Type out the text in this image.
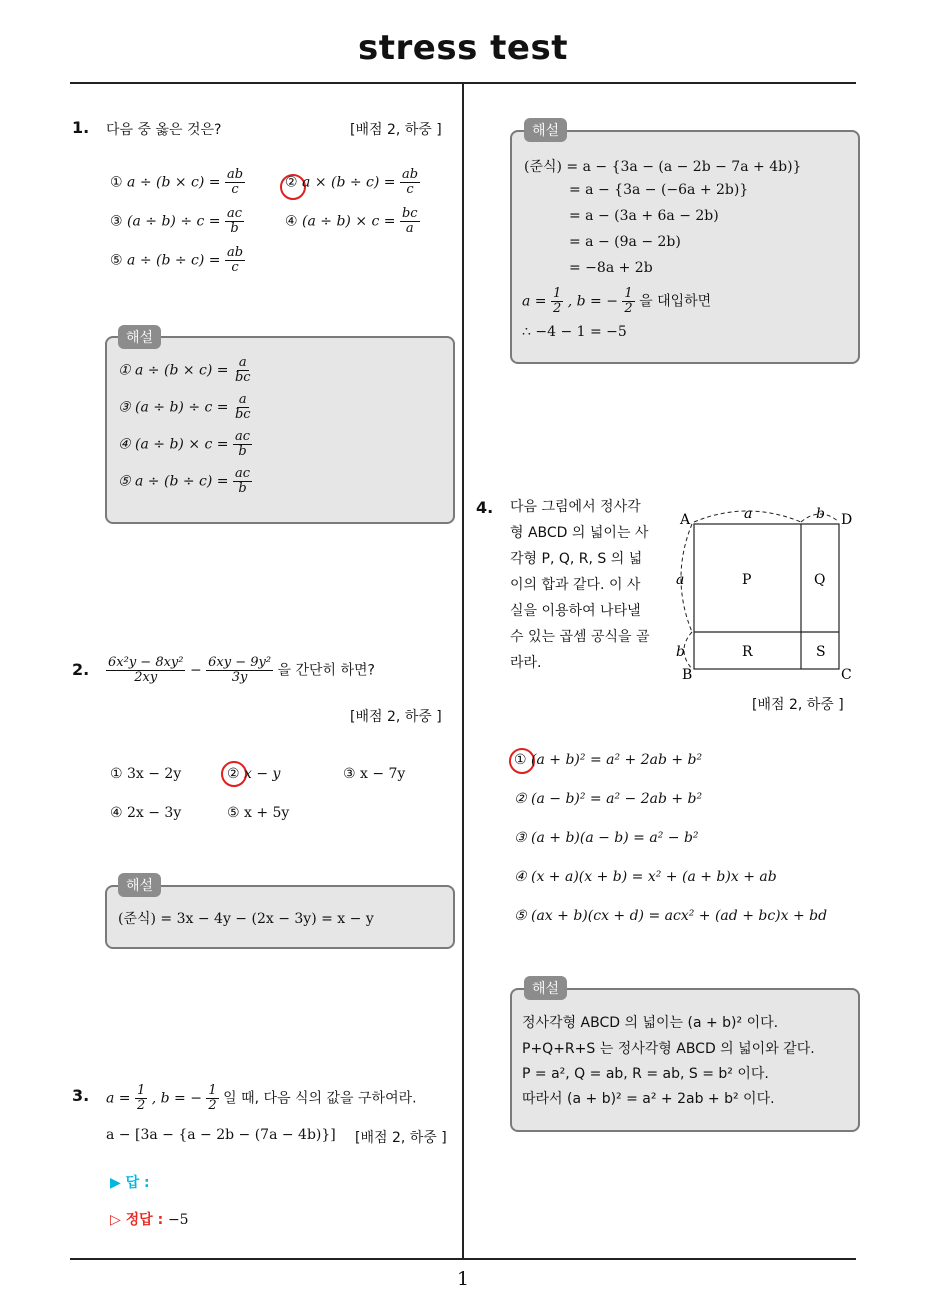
stress test
1
1. 다음 중 옳은 것은?	[배점 2, 하중 ]
① $a \div (b \times c) = \frac{ab}{c}$	② $a \times (b \div c) = \frac{ab}{c}$
③ $(a \div b) \div c = \frac{ac}{b}$	④ $(a \div b) \times c = \frac{bc}{a}$
⑤ $a \div (b \div c) = \frac{ab}{c}$
해설
① $a \div (b \times c) = \frac{a}{bc}$
③ $(a \div b) \div c = \frac{a}{bc}$
④ $(a \div b) \times c = \frac{ac}{b}$
⑤ $a \div (b \div c) = \frac{ac}{b}$
2. $\frac{\text{6x²y − 8xy²}}{2xy} - \frac{\text{6xy − 9y²}}{3y}$ 을 간단히 하면?
[배점 2, 하중 ]
① 3x − 2y	② x − y	③ x − 7y
④ 2x − 3y	⑤ x + 5y
해설
(준식) = 3x − 4y − (2x − 3y) = x − y
3. $a = \frac{1}{2}$ , b = − $\frac{1}{2}$ 일 때, 다음 식의 값을 구하여라.
a − [3a − {a − 2b − (7a − 4b)}] [배점 2, 하중 ]
▶ 답 :
▷ 정답 : −5
해설
(준식) = a − {3a − (a − 2b − 7a + 4b)}
= a − {3a − (−6a + 2b)}
= a − (3a + 6a − 2b)
= a − (9a − 2b)
= −8a + 2b
$a = \frac{1}{2}$ , b = − $\frac{1}{2}$ 을 대입하면
∴ −4 − 1 = −5
4. 다음 그림에서 정사각
형 ABCD 의 넓이는 사
각형 P, Q, R, S 의 넓
이의 합과 같다. 이 사
실을 이용하여 나타낼
수 있는 곱셈 공식을 골
라라.
A	D
B	C
P	Q
R	S
a	b
a
b
[배점 2, 하중 ]
① (a + b)² = a² + 2ab + b²
② (a − b)² = a² − 2ab + b²
③ (a + b)(a − b) = a² − b²
④ (x + a)(x + b) = x² + (a + b)x + ab
⑤ (ax + b)(cx + d) = acx² + (ad + bc)x + bd
해설
정사각형 ABCD 의 넓이는 (a + b)² 이다.
P+Q+R+S 는 정사각형 ABCD 의 넓이와 같다.
P = a², Q = ab, R = ab, S = b² 이다.
따라서 (a + b)² = a² + 2ab + b² 이다.
